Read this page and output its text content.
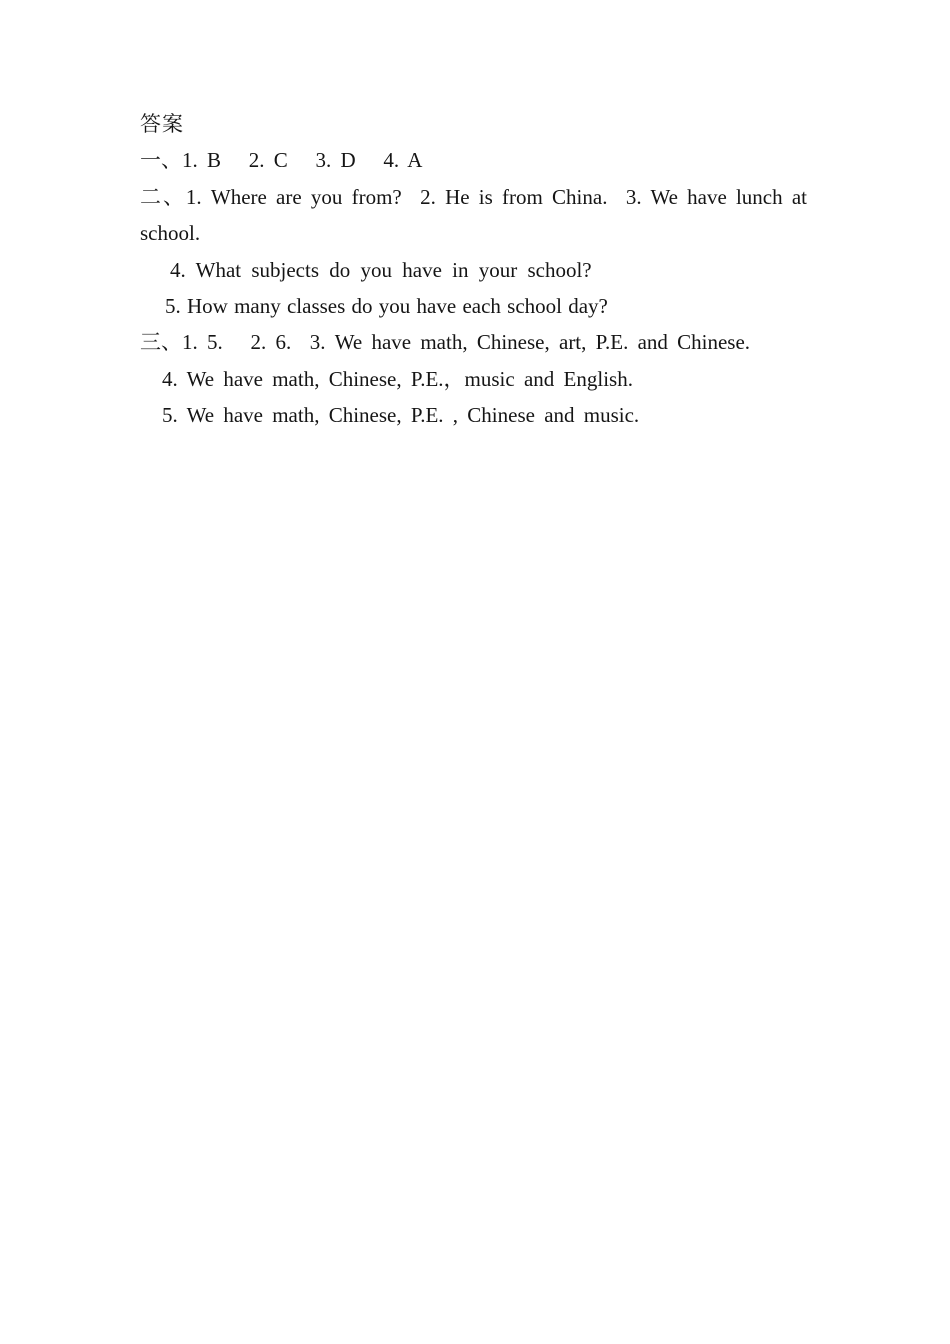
答案

一、1. B   2. C   3. D   4. A

二、1. Where are you from?  2. He is from China.  3. We have lunch at

school.

4. What subjects do you have in your school?

5. How many classes do you have each school day?

三、1. 5.   2. 6.  3. We have math, Chinese, art, P.E. and Chinese.

4. We have math, Chinese, P.E.，music and English.

5. We have math, Chinese, P.E. , Chinese and music.
